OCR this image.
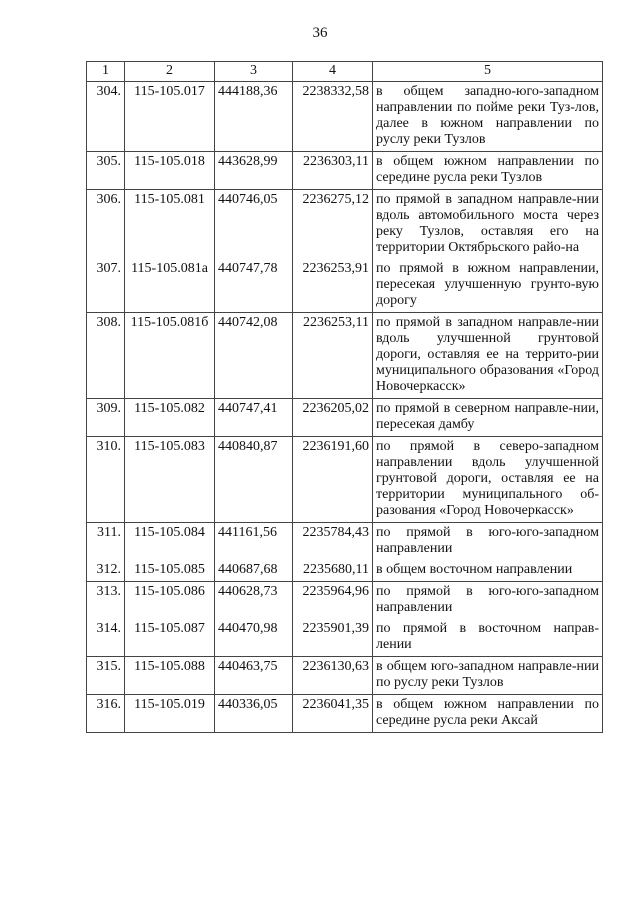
36
1	2	3	4	5
304.	115-105.017	444188,36	2238332,58	в общем западно-юго-западном направлении по пойме реки Туз-лов, далее в южном направлении по руслу реки Тузлов
305.	115-105.018	443628,99	2236303,11	в общем южном направлении по середине русла реки Тузлов
306.	115-105.081	440746,05	2236275,12	по прямой в западном направле-нии вдоль автомобильного моста через реку Тузлов, оставляя его на территории Октябрьского райо-на
307.	115-105.081а	440747,78	2236253,91	по прямой в южном направлении, пересекая улучшенную грунто-вую дорогу
308.	115-105.081б	440742,08	2236253,11	по прямой в западном направле-нии вдоль улучшенной грунтовой дороги, оставляя ее на террито-рии муниципального образования «Город Новочеркасск»
309.	115-105.082	440747,41	2236205,02	по прямой в северном направле-нии, пересекая дамбу
310.	115-105.083	440840,87	2236191,60	по прямой в северо-западном направлении вдоль улучшенной грунтовой дороги, оставляя ее на территории муниципального об-разования «Город Новочеркасск»
311.	115-105.084	441161,56	2235784,43	по прямой в юго-юго-западном направлении
312.	115-105.085	440687,68	2235680,11	в общем восточном направлении
313.	115-105.086	440628,73	2235964,96	по прямой в юго-юго-западном направлении
314.	115-105.087	440470,98	2235901,39	по прямой в восточном направ-лении
315.	115-105.088	440463,75	2236130,63	в общем юго-западном направле-нии по руслу реки Тузлов
316.	115-105.019	440336,05	2236041,35	в общем южном направлении по середине русла реки Аксай
